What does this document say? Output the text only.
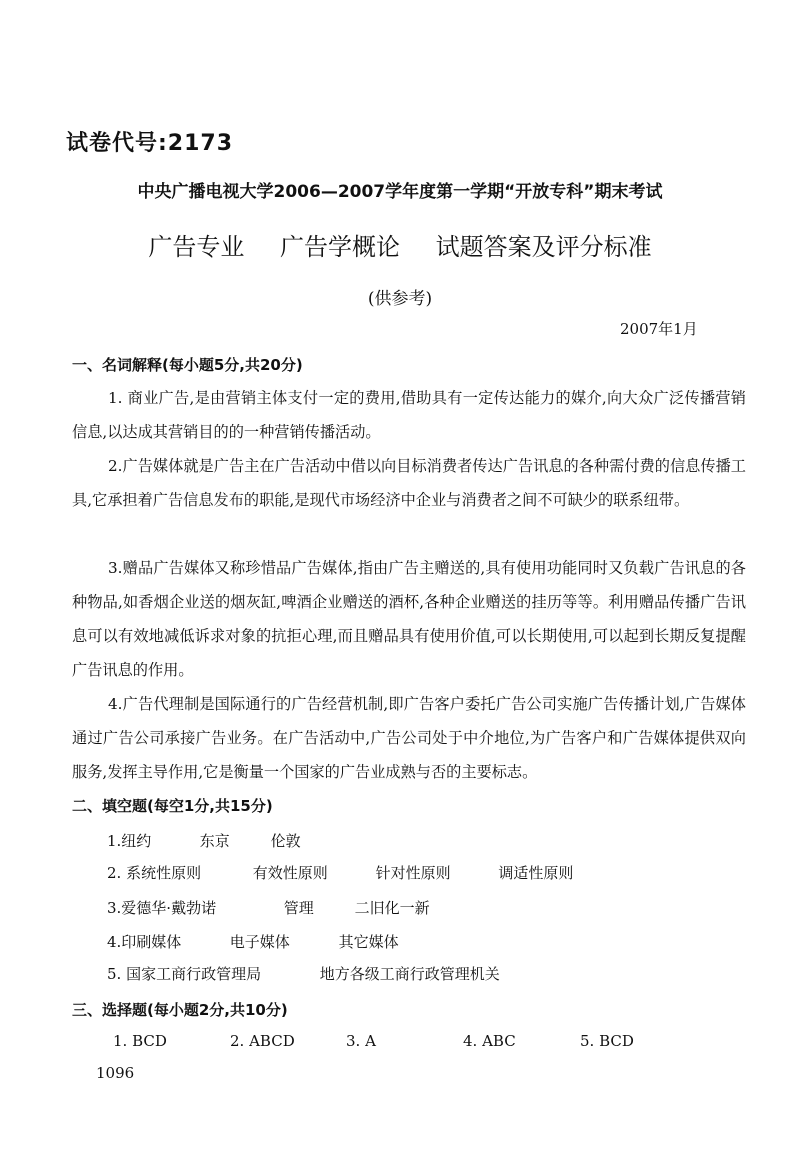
试卷代号:2173
中央广播电视大学2006—2007学年度第一学期“开放专科”期末考试
广告专业 广告学概论 试题答案及评分标准
(供参考)
2007年1月
一、名词解释(每小题5分,共20分)
1. 商业广告,是由营销主体支付一定的费用,借助具有一定传达能力的媒介,向大众广泛传播营销信息,以达成其营销目的的一种营销传播活动。
2.广告媒体就是广告主在广告活动中借以向目标消费者传达广告讯息的各种需付费的信息传播工具,它承担着广告信息发布的职能,是现代市场经济中企业与消费者之间不可缺少的联系纽带。
3.赠品广告媒体又称珍惜品广告媒体,指由广告主赠送的,具有使用功能同时又负载广告讯息的各种物品,如香烟企业送的烟灰缸,啤酒企业赠送的酒杯,各种企业赠送的挂历等等。利用赠品传播广告讯息可以有效地减低诉求对象的抗拒心理,而且赠品具有使用价值,可以长期使用,可以起到长期反复提醒广告讯息的作用。
4.广告代理制是国际通行的广告经营机制,即广告客户委托广告公司实施广告传播计划,广告媒体通过广告公司承接广告业务。在广告活动中,广告公司处于中介地位,为广告客户和广告媒体提供双向服务,发挥主导作用,它是衡量一个国家的广告业成熟与否的主要标志。
二、填空题(每空1分,共15分)
1.纽约	东京	伦敦
2. 系统性原则	有效性原则	针对性原则	调适性原则
3.爱德华·戴勃诺	管理	二旧化一新
4.印刷媒体	电子媒体	其它媒体
5. 国家工商行政管理局	地方各级工商行政管理机关
三、选择题(每小题2分,共10分)
1. BCD	2. ABCD	3. A	4. ABC	5. BCD
1096
